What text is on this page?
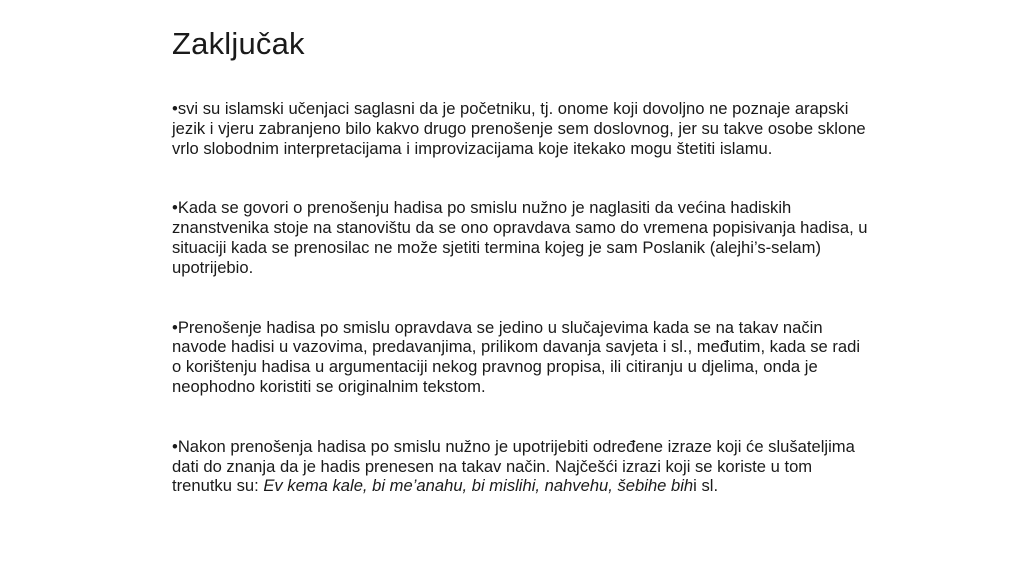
Zaključak

•svi su islamski učenjaci saglasni da je početniku, tj. onome koji dovoljno ne poznaje arapski jezik i vjeru zabranjeno bilo kakvo drugo prenošenje sem doslovnog, jer su takve osobe sklone vrlo slobodnim interpretacijama i improvizacijama koje itekako mogu štetiti islamu.

•Kada se govori o prenošenju hadisa po smislu nužno je naglasiti da većina hadiskih znanstvenika stoje na stanovištu da se ono opravdava samo do vremena popisivanja hadisa, u situaciji kada se prenosilac ne može sjetiti termina kojeg je sam Poslanik (alejhi’s-selam) upotrijebio.

•Prenošenje hadisa po smislu opravdava se jedino u slučajevima kada se na takav način navode hadisi u vazovima, predavanjima, prilikom davanja savjeta i sl., međutim, kada se radi o korištenju hadisa u argumentaciji nekog pravnog propisa, ili citiranju u djelima, onda je neophodno koristiti se originalnim tekstom.

•Nakon prenošenja hadisa po smislu nužno je upotrijebiti određene izraze koji će slušateljima dati do znanja da je hadis prenesen na takav način. Najčešći izrazi koji se koriste u tom trenutku su: Ev kema kale, bi me’anahu, bi mislihi, nahvehu, šebihe bihi sl.
